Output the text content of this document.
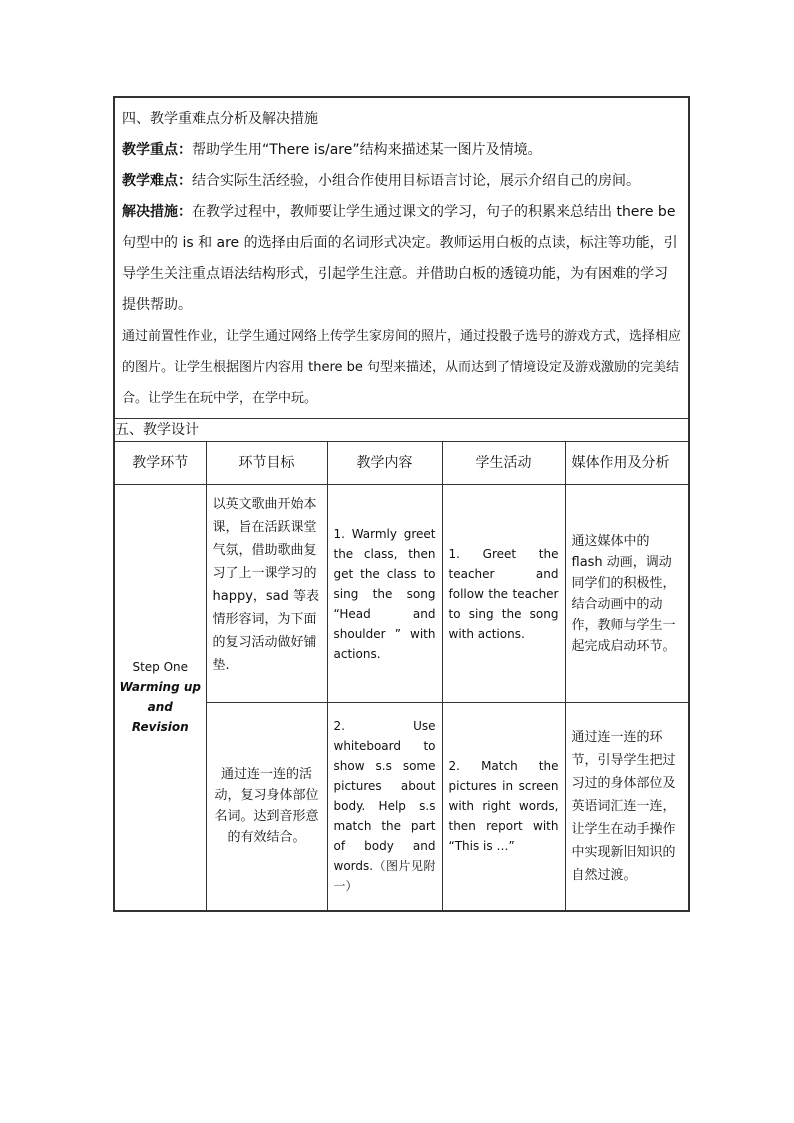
四、教学重难点分析及解决措施

教学重点：帮助学生用“There is/are”结构来描述某一图片及情境。

教学难点：结合实际生活经验，小组合作使用目标语言讨论，展示介绍自己的房间。

解决措施：在教学过程中，教师要让学生通过课文的学习，句子的积累来总结出 there be 句型中的 is 和 are 的选择由后面的名词形式决定。教师运用白板的点读，标注等功能，引导学生关注重点语法结构形式，引起学生注意。并借助白板的透镜功能，为有困难的学习提供帮助。

通过前置性作业，让学生通过网络上传学生家房间的照片，通过投骰子选号的游戏方式，选择相应的图片。让学生根据图片内容用 there be 句型来描述，从而达到了情境设定及游戏激励的完美结合。让学生在玩中学，在学中玩。				

五、教学设计				
教学环节	环节目标	教学内容	学生活动	媒体作用及分析

Step One
Warming up
and
Revision	以英文歌曲开始本课，旨在活跃课堂气氛，借助歌曲复习了上一课学习的 happy，sad 等表情形容词，为下面的复习活动做好铺垫.	1. Warmly greet the class, then get the class to sing the song “Head and shoulder ” with actions.	1. Greet the teacher and follow the teacher to sing the song with actions.	通这媒体中的 flash 动画，调动同学们的积极性，结合动画中的动作，教师与学生一起完成启动环节。
	通过连一连的活动，复习身体部位名词。达到音形意的有效结合。	2. Use whiteboard to show s.s some pictures about body. Help s.s match the part of body and words.（图片见附一）	2. Match the pictures in screen with right words, then report with “This is …”	通过连一连的环节，引导学生把过习过的身体部位及英语词汇连一连，让学生在动手操作中实现新旧知识的自然过渡。
